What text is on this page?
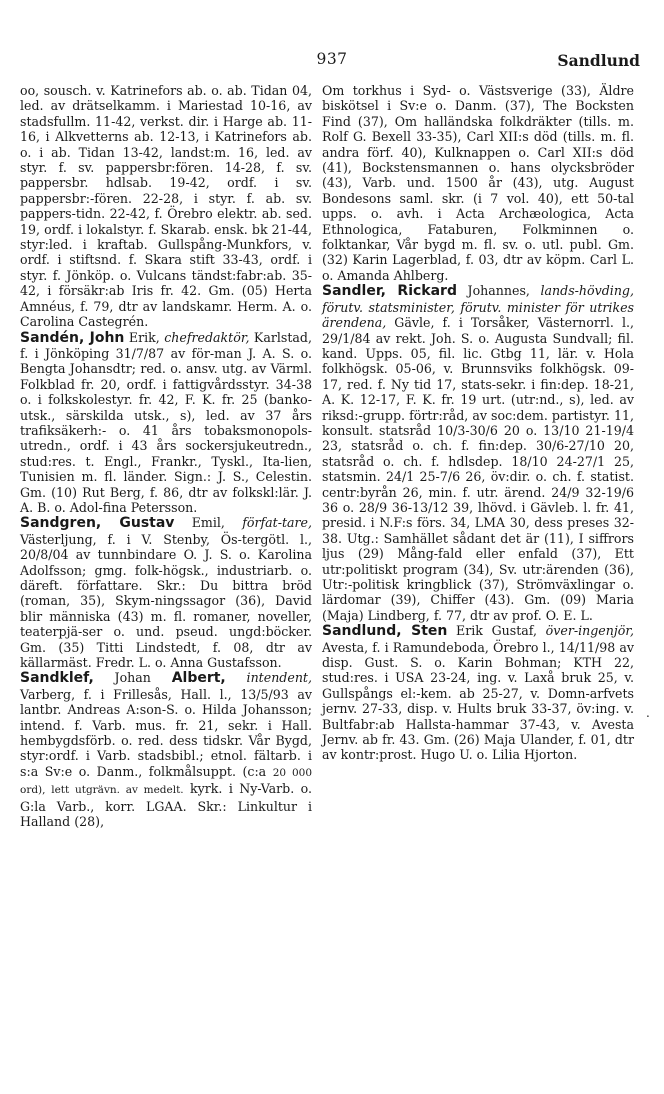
937	Sandlund

oo, sousch. v. Katrinefors ab. o. ab. Tidan 04, led. av drätselkamm. i Mariestad 10-16, av stadsfullm. 11-42, verkst. dir. i Harge ab. 11-16, i Alkvetterns ab. 12-13, i Katrinefors ab. o. i ab. Tidan 13-42, landst:m. 16, led. av styr. f. sv. pappersbr:fören. 14-28, f. sv. pappersbr. hdlsab. 19-42, ordf. i sv. pappersbr:-fören. 22-28, i styr. f. ab. sv. pappers-tidn. 22-42, f. Örebro elektr. ab. sed. 19, ordf. i lokalstyr. f. Skarab. ensk. bk 21-44, styr:led. i kraftab. Gullspång-Munkfors, v. ordf. i stiftsnd. f. Skara stift 33-43, ordf. i styr. f. Jönköp. o. Vulcans tändst:fabr:ab. 35-42, i försäkr:ab Iris fr. 42. Gm. (05) Herta Amnéus, f. 79, dtr av landskamr. Herm. A. o. Carolina Castegrén.

Sandén, John Erik, chefredaktör, Karlstad, f. i Jönköping 31/7/87 av för-man J. A. S. o. Bengta Johansdtr; red. o. ansv. utg. av Värml. Folkblad fr. 20, ordf. i fattigvårdsstyr. 34-38 o. i folkskolestyr. fr. 42, F. K. fr. 25 (banko-utsk., särskilda utsk., s), led. av 37 års trafiksäkerh:- o. 41 års tobaksmonopols-utredn., ordf. i 43 års sockersjukeutredn., stud:res. t. Engl., Frankr., Tyskl., Ita-lien, Tunisien m. fl. länder. Sign.: J. S., Celestin. Gm. (10) Rut Berg, f. 86, dtr av folkskl:lär. J. A. B. o. Adol-fina Petersson.

Sandgren, Gustav Emil, förfat-tare, Västerljung, f. i V. Stenby, Ös-tergötl. l., 20/8/04 av tunnbindare O. J. S. o. Karolina Adolfsson; gmg. folk-högsk., industriarb. o. däreft. författare. Skr.: Du bittra bröd (roman, 35), Skym-ningssagor (36), David blir människa (43) m. fl. romaner, noveller, teaterpjä-ser o. und. pseud. ungd:böcker. Gm. (35) Titti Lindstedt, f. 08, dtr av källarmäst. Fredr. L. o. Anna Gustafsson.

Sandklef, Johan Albert, intendent, Varberg, f. i Frillesås, Hall. l., 13/5/93 av lantbr. Andreas A:son-S. o. Hilda Johansson; intend. f. Varb. mus. fr. 21, sekr. i Hall. hembygdsförb. o. red. dess tidskr. Vår Bygd, styr:ordf. i Varb. stadsbibl.; etnol. fältarb. i s:a Sv:e o. Danm., folkmålsuppt. (c:a 20 000 ord), lett utgrävn. av medelt. kyrk. i Ny-Varb. o. G:la Varb., korr. LGAA. Skr.: Linkultur i Halland (28),

Om torkhus i Syd- o. Västsverige (33), Äldre biskötsel i Sv:e o. Danm. (37), The Bocksten Find (37), Om halländska folkdräkter (tills. m. Rolf G. Bexell 33-35), Carl XII:s död (tills. m. fl. andra förf. 40), Kulknappen o. Carl XII:s död (41), Bockstensmannen o. hans olycksbröder (43), Varb. und. 1500 år (43), utg. August Bondesons saml. skr. (i 7 vol. 40), ett 50-tal upps. o. avh. i Acta Archæologica, Acta Ethnologica, Fataburen, Folkminnen o. folktankar, Vår bygd m. fl. sv. o. utl. publ. Gm. (32) Karin Lagerblad, f. 03, dtr av köpm. Carl L. o. Amanda Ahlberg.

Sandler, Rickard Johannes, lands-hövding, förutv. statsminister, förutv. minister för utrikes ärendena, Gävle, f. i Torsåker, Västernorrl. l., 29/1/84 av rekt. Joh. S. o. Augusta Sundvall; fil. kand. Upps. 05, fil. lic. Gtbg 11, lär. v. Hola folkhögsk. 05-06, v. Brunnsviks folkhögsk. 09-17, red. f. Ny tid 17, stats-sekr. i fin:dep. 18-21, A. K. 12-17, F. K. fr. 19 urt. (utr:nd., s), led. av riksd:-grupp. förtr:råd, av soc:dem. partistyr. 11, konsult. statsråd 10/3-30/6 20 o. 13/10 21-19/4 23, statsråd o. ch. f. fin:dep. 30/6-27/10 20, statsråd o. ch. f. hdlsdep. 18/10 24-27/1 25, statsmin. 24/1 25-7/6 26, öv:dir. o. ch. f. statist. centr:byrån 26, min. f. utr. ärend. 24/9 32-19/6 36 o. 28/9 36-13/12 39, lhövd. i Gävleb. l. fr. 41, presid. i N.F:s förs. 34, LMA 30, dess preses 32-38. Utg.: Samhället sådant det är (11), I siffrors ljus (29) Mång-fald eller enfald (37), Ett utr:politiskt program (34), Sv. utr:ärenden (36), Utr:-politisk kringblick (37), Strömväxlingar o. lärdomar (39), Chiffer (43). Gm. (09) Maria (Maja) Lindberg, f. 77, dtr av prof. O. E. L.

Sandlund, Sten Erik Gustaf, över-ingenjör, Avesta, f. i Ramundeboda, Örebro l., 14/11/98 av disp. Gust. S. o. Karin Bohman; KTH 22, stud:res. i USA 23-24, ing. v. Laxå bruk 25, v. Gullspångs el:-kem. ab 25-27, v. Domn-arfvets jernv. 27-33, disp. v. Hults bruk 33-37, öv:ing. v. Bultfabr:ab Hallsta-hammar 37-43, v. Avesta Jernv. ab fr. 43. Gm. (26) Maja Ulander, f. 01, dtr av kontr:prost. Hugo U. o. Lilia Hjorton.

.
